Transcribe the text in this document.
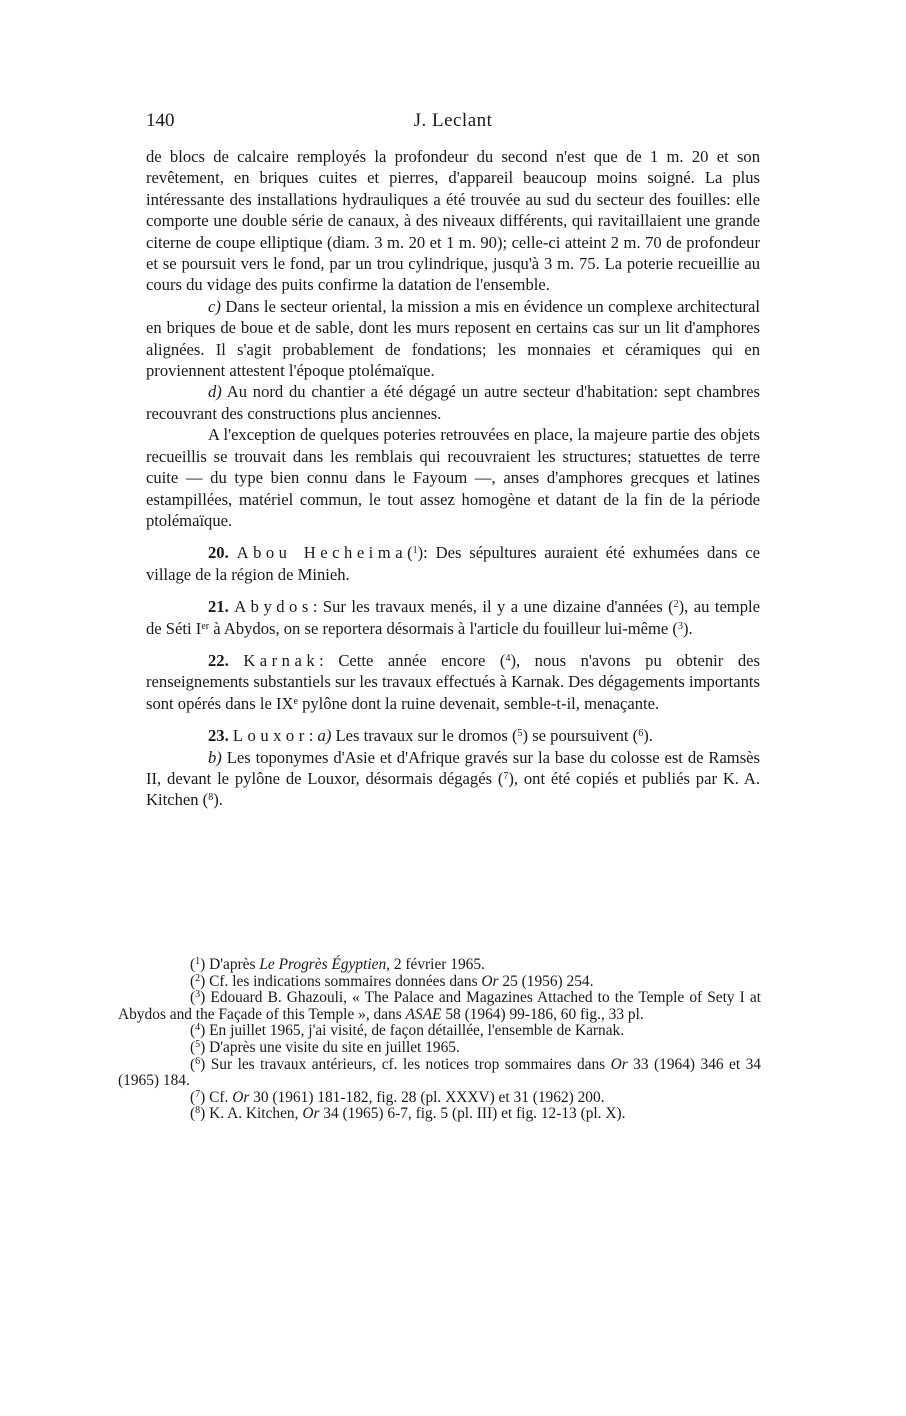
140	J. Leclant

de blocs de calcaire remployés la profondeur du second n'est que de 1 m. 20 et son revêtement, en briques cuites et pierres, d'appareil beaucoup moins soigné. La plus intéressante des installations hydrauliques a été trouvée au sud du secteur des fouilles: elle comporte une double série de canaux, à des niveaux différents, qui ravitaillaient une grande citerne de coupe elliptique (diam. 3 m. 20 et 1 m. 90); celle-ci atteint 2 m. 70 de profondeur et se poursuit vers le fond, par un trou cylindrique, jusqu'à 3 m. 75. La poterie recueillie au cours du vidage des puits confirme la datation de l'ensemble.

c) Dans le secteur oriental, la mission a mis en évidence un complexe architectural en briques de boue et de sable, dont les murs reposent en certains cas sur un lit d'amphores alignées. Il s'agit probablement de fondations; les monnaies et céramiques qui en proviennent attestent l'époque ptolémaïque.

d) Au nord du chantier a été dégagé un autre secteur d'habitation: sept chambres recouvrant des constructions plus anciennes.

A l'exception de quelques poteries retrouvées en place, la majeure partie des objets recueillis se trouvait dans les remblais qui recouvraient les structures; statuettes de terre cuite — du type bien connu dans le Fayoum —, anses d'amphores grecques et latines estampillées, matériel commun, le tout assez homogène et datant de la fin de la période ptolémaïque.

20. Abou Hecheima($^1$): Des sépultures auraient été exhumées dans ce village de la région de Minieh.

21. Abydos: Sur les travaux menés, il y a une dizaine d'années ($^2$), au temple de Séti Ier à Abydos, on se reportera désormais à l'article du fouilleur lui-même ($^3$).

22. Karnak: Cette année encore ($^4$), nous n'avons pu obtenir des renseignements substantiels sur les travaux effectués à Karnak. Des dégagements importants sont opérés dans le IXe pylône dont la ruine devenait, semble-t-il, menaçante.

23. Louxor: a) Les travaux sur le dromos ($^5$) se poursuivent ($^6$).

b) Les toponymes d'Asie et d'Afrique gravés sur la base du colosse est de Ramsès II, devant le pylône de Louxor, désormais dégagés ($^7$), ont été copiés et publiés par K. A. Kitchen ($^8$).

($^1$) D'après Le Progrès Égyptien, 2 février 1965.

($^2$) Cf. les indications sommaires données dans Or 25 (1956) 254.

($^3$) Edouard B. Ghazouli, « The Palace and Magazines Attached to the Temple of Sety I at Abydos and the Façade of this Temple », dans ASAE 58 (1964) 99-186, 60 fig., 33 pl.

($^4$) En juillet 1965, j'ai visité, de façon détaillée, l'ensemble de Karnak.

($^5$) D'après une visite du site en juillet 1965.

($^6$) Sur les travaux antérieurs, cf. les notices trop sommaires dans Or 33 (1964) 346 et 34 (1965) 184.

($^7$) Cf. Or 30 (1961) 181-182, fig. 28 (pl. XXXV) et 31 (1962) 200.

($^8$) K. A. Kitchen, Or 34 (1965) 6-7, fig. 5 (pl. III) et fig. 12-13 (pl. X).
